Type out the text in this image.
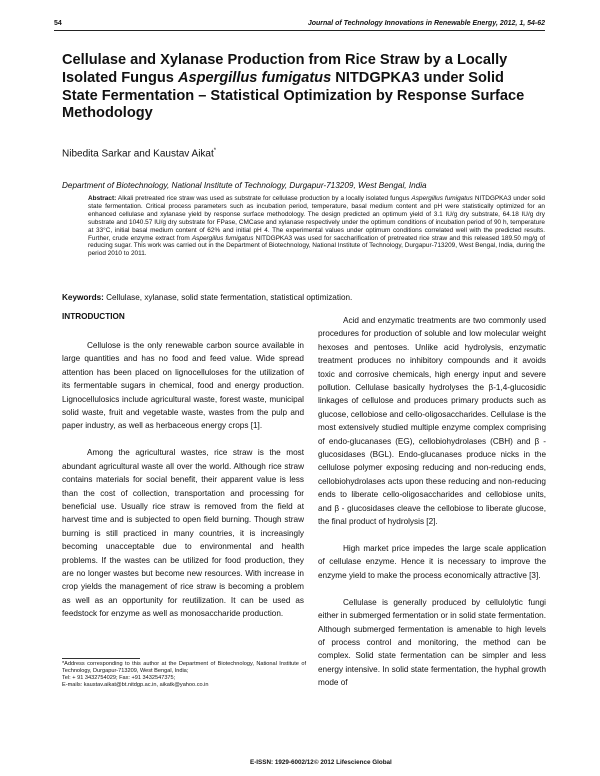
54	Journal of Technology Innovations in Renewable Energy, 2012, 1, 54-62
Cellulase and Xylanase Production from Rice Straw by a Locally Isolated Fungus Aspergillus fumigatus NITDGPKA3 under Solid State Fermentation – Statistical Optimization by Response Surface Methodology
Nibedita Sarkar and Kaustav Aikat*
Department of Biotechnology, National Institute of Technology, Durgapur-713209, West Bengal, India

Abstract: Alkali pretreated rice straw was used as substrate for cellulase production by a locally isolated fungus Aspergillus fumigatus NITDGPKA3 under solid state fermentation. Critical process parameters such as incubation period, temperature, basal medium content and pH were statistically optimized for an enhanced cellulase and xylanase yield by response surface methodology. The design predicted an optimum yield of 3.1 IU/g dry substrate, 64.18 IU/g dry substrate and 1040.57 IU/g dry substrate for FPase, CMCase and xylanase respectively under the optimum conditions of incubation period of 90 h, temperature at 33°C, initial basal medium content of 62% and initial pH 4. The experimental values under optimum conditions correlated well with the predicted results. Further, crude enzyme extract from Aspergillus fumigatus NITDGPKA3 was used for saccharification of pretreated rice straw and this released 189.50 mg/g of reducing sugar. This work was carried out in the Department of Biotechnology, National Institute of Technology, Durgapur-713209, West Bengal, India, during the period 2010 to 2011.

Keywords: Cellulase, xylanase, solid state fermentation, statistical optimization.
INTRODUCTION

Cellulose is the only renewable carbon source available in large quantities and has no food and feed value. Wide spread attention has been placed on lignocelluloses for the utilization of its fermentable sugars in chemical, food and energy production. Lignocellulosics include agricultural waste, forest waste, municipal solid waste, fruit and vegetable waste, wastes from the pulp and paper industry, as well as herbaceous energy crops [1].

Among the agricultural wastes, rice straw is the most abundant agricultural waste all over the world. Although rice straw contains materials for social benefit, their apparent value is less than the cost of collection, transportation and processing for beneficial use. Usually rice straw is removed from the field at harvest time and is subjected to open field burning. Though straw burning is still practiced in many countries, it is increasingly becoming unacceptable due to environmental and health problems. If the wastes can be utilized for food production, they are no longer wastes but become new resources. With increase in crop yields the management of rice straw is becoming a problem as well as an opportunity for reutilization. It can be used as feedstock for enzyme as well as monosaccharide production.

Acid and enzymatic treatments are two commonly used procedures for production of soluble and low molecular weight hexoses and pentoses. Unlike acid hydrolysis, enzymatic treatment produces no inhibitory compounds and it avoids toxic and corrosive chemicals, high energy input and severe pollution. Cellulase basically hydrolyses the β-1,4-glucosidic linkages of cellulose and produces primary products such as glucose, cellobiose and cello-oligosaccharides. Cellulase is the most extensively studied multiple enzyme complex comprising of endo-glucanases (EG), cellobiohydrolases (CBH) and β -glucosidases (BGL). Endo-glucanases produce nicks in the cellulose polymer exposing reducing and non-reducing ends, cellobiohydrolases acts upon these reducing and non-reducing ends to liberate cello-oligosaccharides and cellobiose units, and β - glucosidases cleave the cellobiose to liberate glucose, the final product of hydrolysis [2].

High market price impedes the large scale application of cellulase enzyme. Hence it is necessary to improve the enzyme yield to make the process economically attractive [3].

Cellulase is generally produced by cellulolytic fungi either in submerged fermentation or in solid state fermentation. Although submerged fermentation is amenable to high levels of process control and monitoring, the method can be complex. Solid state fermentation can be simpler and less energy intensive. In solid state fermentation, the hyphal growth mode of

*Address corresponding to this author at the Department of Biotechnology, National Institute of Technology, Durgapur-713209, West Bengal, India;
Tel: + 91 3432754029; Fax: +91 3432547375;
E-mails: kaustav.aikat@bt.nitdgp.ac.in, aikatk@yahoo.co.in
E-ISSN: 1929-6002/12 © 2012 Lifescience Global
